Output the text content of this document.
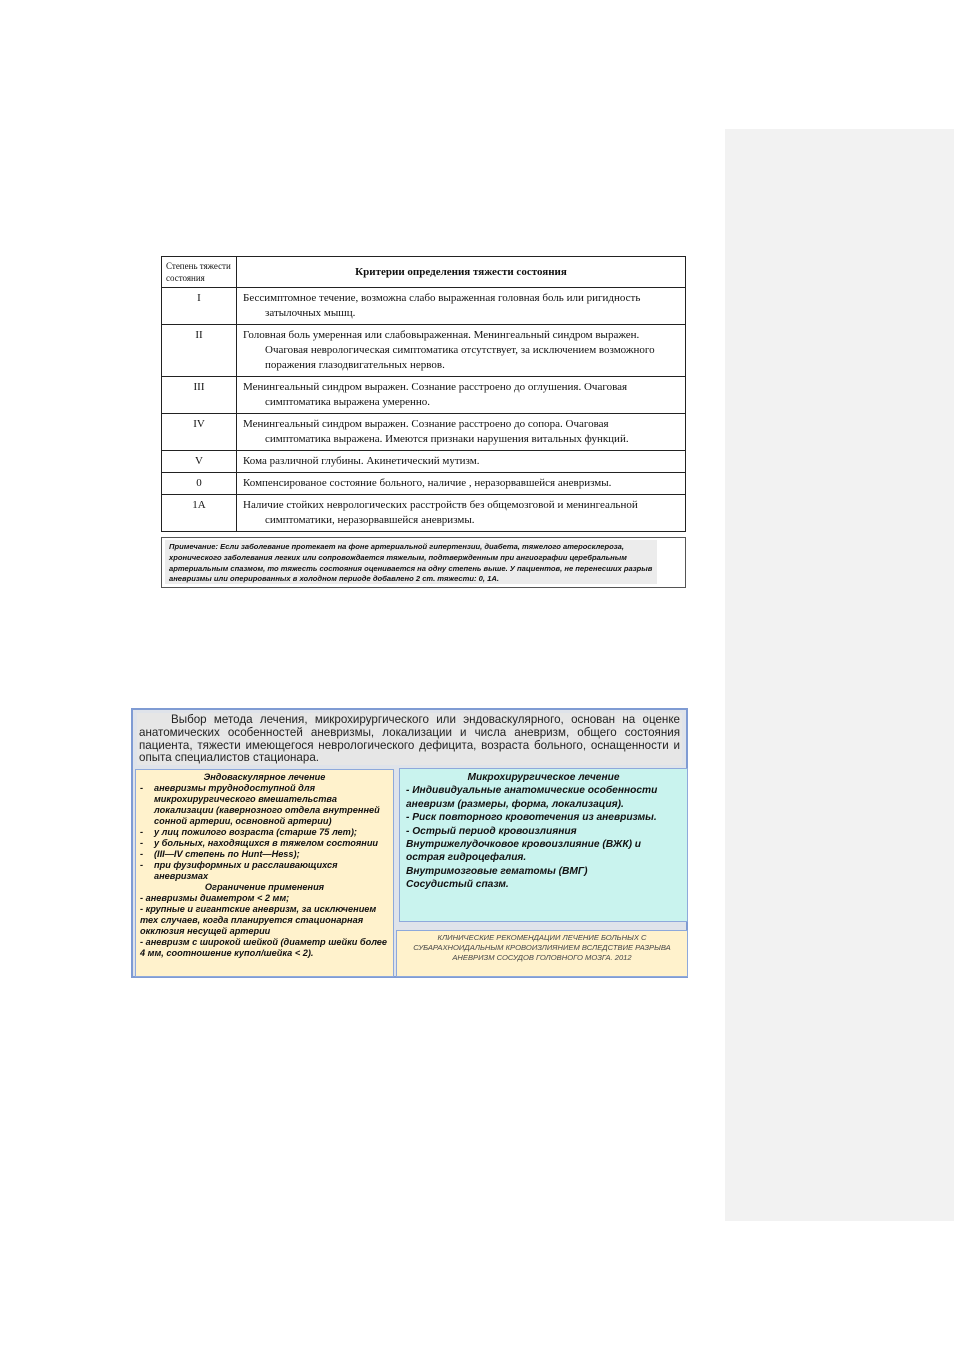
Степень тяжести состояния	Критерии определения тяжести состояния
I	Бессимптомное течение, возможна слабо выраженная головная боль или ригидность
затылочных мышц.

II	Головная боль умеренная или слабовыраженная. Менингеальный синдром выражен.
Очаговая неврологическая симптоматика отсутствует, за исключением возможного поражения глазодвигательных нервов.

III	Менингеальный синдром выражен. Сознание расстроено до оглушения. Очаговая
симптоматика выражена умеренно.

IV	Менингеальный синдром выражен. Сознание расстроено до сопора. Очаговая
симптоматика выражена. Имеются признаки нарушения витальных функций.

V	Кома различной глубины. Акинетический мутизм.

0	Компенсированое состояние больного, наличие , неразорвавшейся аневризмы.

1А	Наличие стойких неврологических расстройств без общемозговой и менингеальной
симптоматики, неразорвавшейся аневризмы.
Примечание: Если заболевание протекает на фоне артериальной гипертензии, диабета, тяжелого атеросклероза, хронического заболевания легких или сопровождается тяжелым, подтвержденным при ангиографии церебральным артериальным спазмом, то тяжесть состояния оценивается на одну степень выше. У пациентов, не перенесших разрыв аневризмы или оперированных в холодном периоде добавлено 2 ст. тяжести: 0, 1А.
Выбор метода лечения, микрохирургического или эндоваскулярного, основан на оценке анатомических особенностей аневризмы, локализации и числа аневризм, общего состояния пациента, тяжести имеющегося неврологического дефицита, возраста больного, оснащенности и опыта специалистов стационара.
Эндоваскулярное лечение
- аневризмы труднодоступной для микрохирургического вмешательства локализации (кавернозного отдела внутренней сонной артерии, освновной артерии)
- у лиц пожилого возраста (старше 75 лет);
- у больных, находящихся в тяжелом состоянии
- (III—IV степень по Hunt—Hess);
- при фузиформных и расслаивающихся аневризмах
Ограничение применения
- аневризмы диаметром < 2 мм;
- крупные и гигантские аневризм, за исключением тех случаев, когда планируется стационарная окклюзия несущей артерии
- аневризм с широкой шейкой (диаметр шейки более 4 мм, соотношение купол/шейка < 2).
Микрохирургическое лечение

- Индивидуальные анатомические особенности аневризм (размеры, форма, локализация).

- Риск повторного кровотечения из аневризмы.

- Острый период кровоизлияния

Внутрижелудочковое кровоизлияние (ВЖК) и острая гидроцефалия.

Внутримозговые гематомы (ВМГ)

Сосудистый спазм.

КЛИНИЧЕСКИЕ РЕКОМЕНДАЦИИ ЛЕЧЕНИЕ БОЛЬНЫХ С СУБАРАХНОИДАЛЬНЫМ КРОВОИЗЛИЯНИЕМ ВСЛЕДСТВИЕ РАЗРЫВА АНЕВРИЗМ СОСУДОВ ГОЛОВНОГО МОЗГА. 2012
